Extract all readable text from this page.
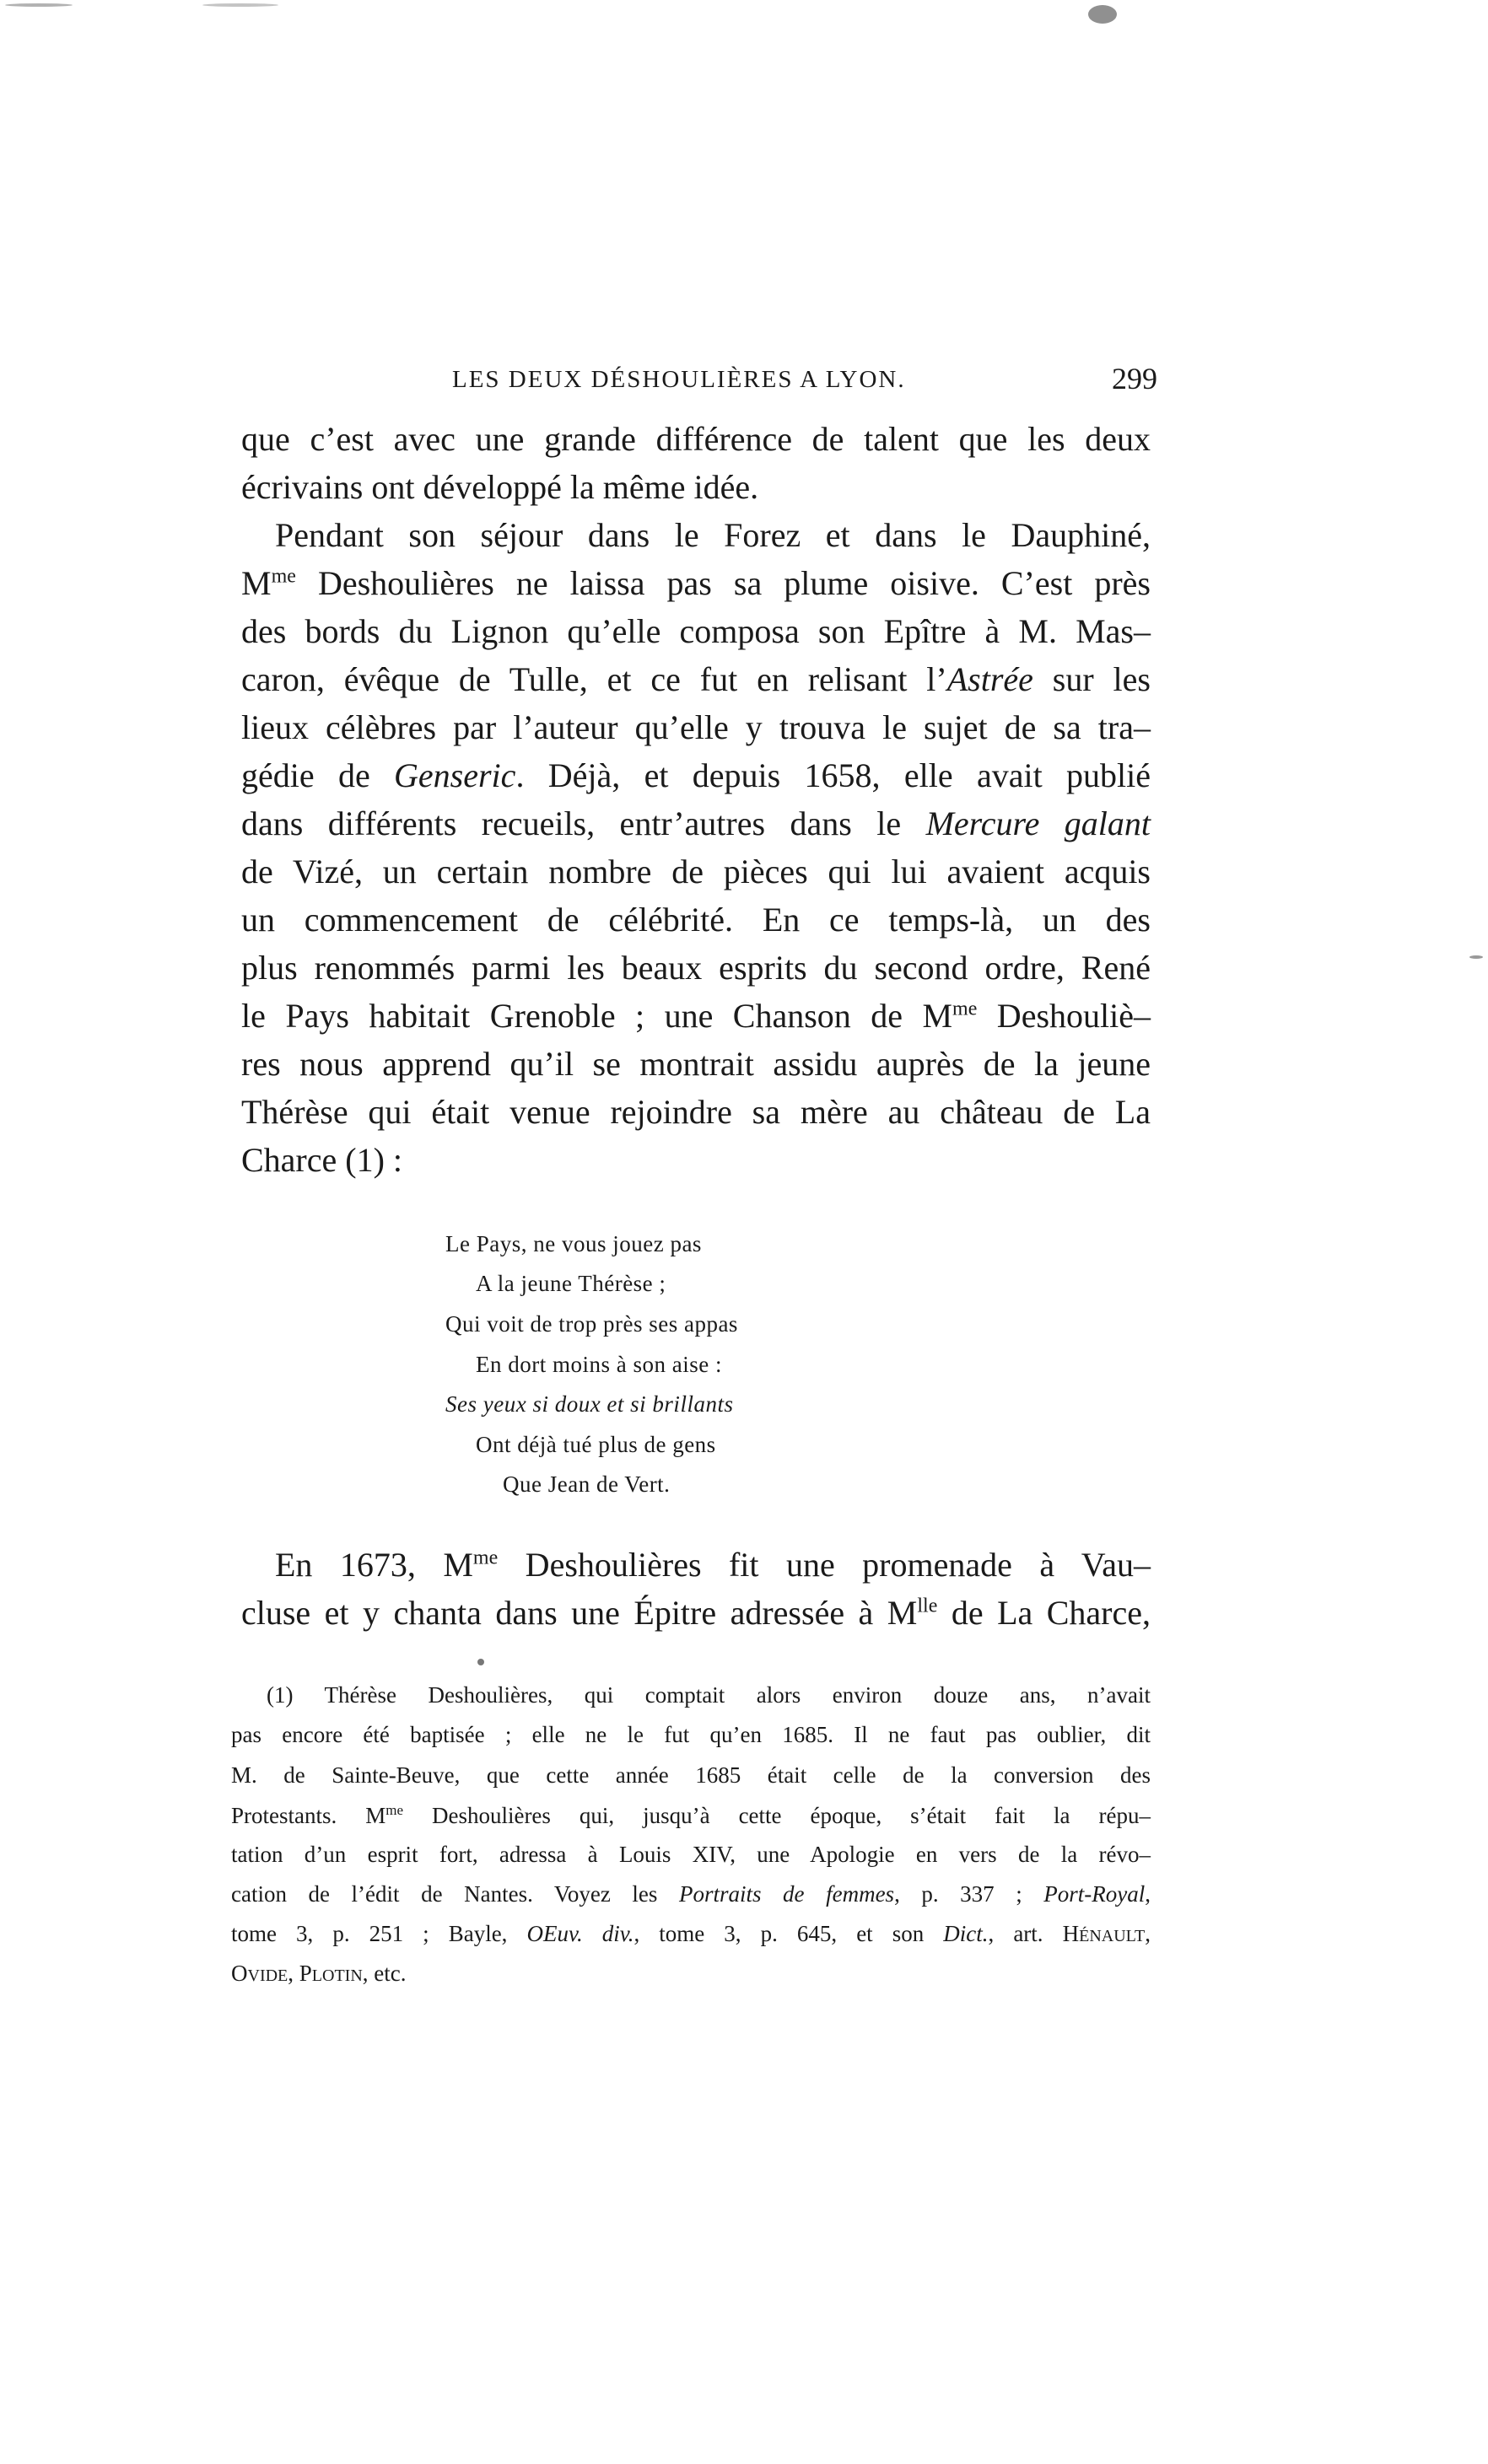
LES DEUX DÉSHOULIÈRES A LYON.	299
que c’est avec une grande différence de talent que les deux
écrivains ont développé la même idée.
Pendant son séjour dans le Forez et dans le Dauphiné,
$M^{me}$ Deshoulières ne laissa pas sa plume oisive. C’est près
des bords du Lignon qu’elle composa son Epître à M. Mas–
caron, évêque de Tulle, et ce fut en relisant l’Astrée sur les
lieux célèbres par l’auteur qu’elle y trouva le sujet de sa tra–
gédie de Genseric. Déjà, et depuis 1658, elle avait publié
dans différents recueils, entr’autres dans le Mercure galant
de Vizé, un certain nombre de pièces qui lui avaient acquis
un commencement de célébrité. En ce temps-là, un des
plus renommés parmi les beaux esprits du second ordre, René
le Pays habitait Grenoble ; une Chanson de $M^{me}$ Deshouliè–
res nous apprend qu’il se montrait assidu auprès de la jeune
Thérèse qui était venue rejoindre sa mère au château de La
Charce (1) :
Le Pays, ne vous jouez pas
A la jeune Thérèse ;
Qui voit de trop près ses appas
En dort moins à son aise :
Ses yeux si doux et si brillants
Ont déjà tué plus de gens
Que Jean de Vert.
En 1673, $M^{me}$ Deshoulières fit une promenade à Vau–
cluse et y chanta dans une Épitre adressée à $M^{lle}$ de La Charce,
(1) Thérèse Deshoulières, qui comptait alors environ douze ans, n’avait
pas encore été baptisée ; elle ne le fut qu’en 1685. Il ne faut pas oublier, dit
M. de Sainte-Beuve, que cette année 1685 était celle de la conversion des
Protestants. $M^{me}$ Deshoulières qui, jusqu’à cette époque, s’était fait la répu–
tation d’un esprit fort, adressa à Louis XIV, une Apologie en vers de la révo–
cation de l’édit de Nantes. Voyez les Portraits de femmes, p. 337 ; Port-Royal,
tome 3, p. 251 ; Bayle, OEuv. div., tome 3, p. 645, et son Dict., art. HÉNAULT,
OVIDE, PLOTIN, etc.
